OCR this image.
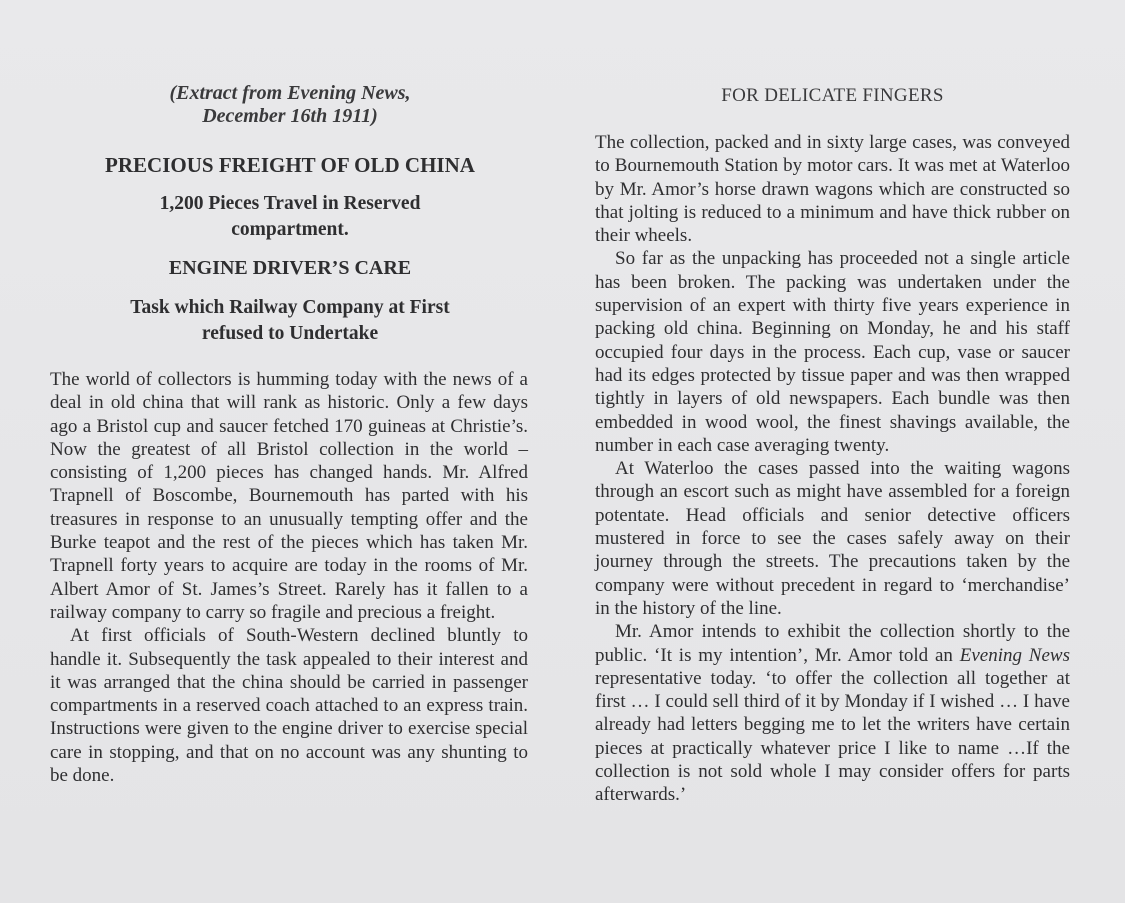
(Extract from Evening News,
December 16th 1911)
PRECIOUS FREIGHT OF OLD CHINA
1,200 Pieces Travel in Reserved
compartment.
ENGINE DRIVER’S CARE
Task which Railway Company at First
refused to Undertake

The world of collectors is humming today with the news of a deal in old china that will rank as historic. Only a few days ago a Bristol cup and saucer fetched 170 guineas at Christie’s. Now the greatest of all Bristol collection in the world – consisting of 1,200 pieces has changed hands. Mr. Alfred Trapnell of Boscombe, Bournemouth has parted with his treasures in response to an unusually tempting offer and the Burke teapot and the rest of the pieces which has taken Mr. Trapnell forty years to acquire are today in the rooms of Mr. Albert Amor of St. James’s Street. Rarely has it fallen to a railway company to carry so fragile and precious a freight.

At first officials of South-Western declined bluntly to handle it. Subsequently the task appealed to their interest and it was arranged that the china should be carried in passenger compartments in a reserved coach attached to an express train. Instructions were given to the engine driver to exercise special care in stopping, and that on no account was any shunting to be done.

FOR DELICATE FINGERS

The collection, packed and in sixty large cases, was conveyed to Bournemouth Station by motor cars. It was met at Waterloo by Mr. Amor’s horse drawn wagons which are constructed so that jolting is reduced to a minimum and have thick rubber on their wheels.

So far as the unpacking has proceeded not a single article has been broken. The packing was undertaken under the supervision of an expert with thirty five years experience in packing old china. Beginning on Monday, he and his staff occupied four days in the process. Each cup, vase or saucer had its edges protected by tissue paper and was then wrapped tightly in layers of old newspapers. Each bundle was then embedded in wood wool, the finest shavings available, the number in each case averaging twenty.

At Waterloo the cases passed into the waiting wagons through an escort such as might have assembled for a foreign potentate. Head officials and senior detective officers mustered in force to see the cases safely away on their journey through the streets. The precautions taken by the company were without precedent in regard to ‘merchandise’ in the history of the line.

Mr. Amor intends to exhibit the collection shortly to the public. ‘It is my intention’, Mr. Amor told an Evening News representative today. ‘to offer the collection all together at first … I could sell third of it by Monday if I wished … I have already had letters begging me to let the writers have certain pieces at practically whatever price I like to name …If the collection is not sold whole I may consider offers for parts afterwards.’
